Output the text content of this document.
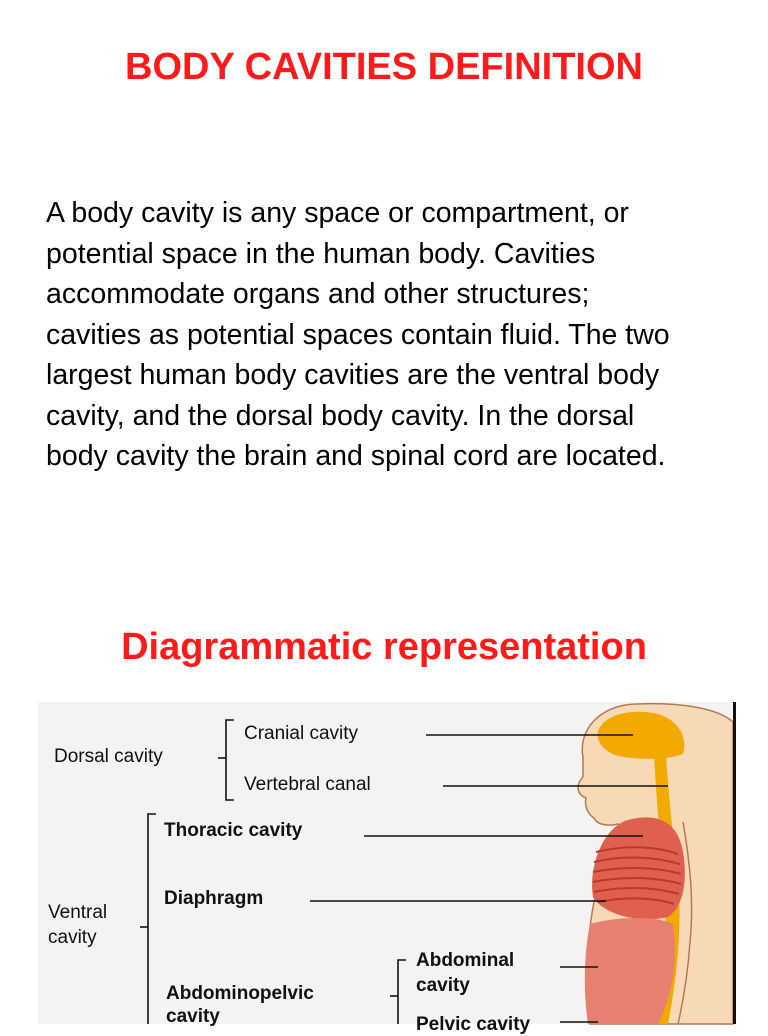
BODY CAVITIES DEFINITION
A body cavity is any space or compartment, or
potential space in the human body. Cavities
accommodate organs and other structures;
cavities as potential spaces contain fluid. The two
largest human body cavities are the ventral body
cavity, and the dorsal body cavity. In the dorsal
body cavity the brain and spinal cord are located.
Diagrammatic representation
Dorsal cavity
Cranial cavity
Vertebral canal
Thoracic cavity
Diaphragm
Ventral
cavity
Abdominopelvic
cavity
Abdominal
cavity
Pelvic cavity
